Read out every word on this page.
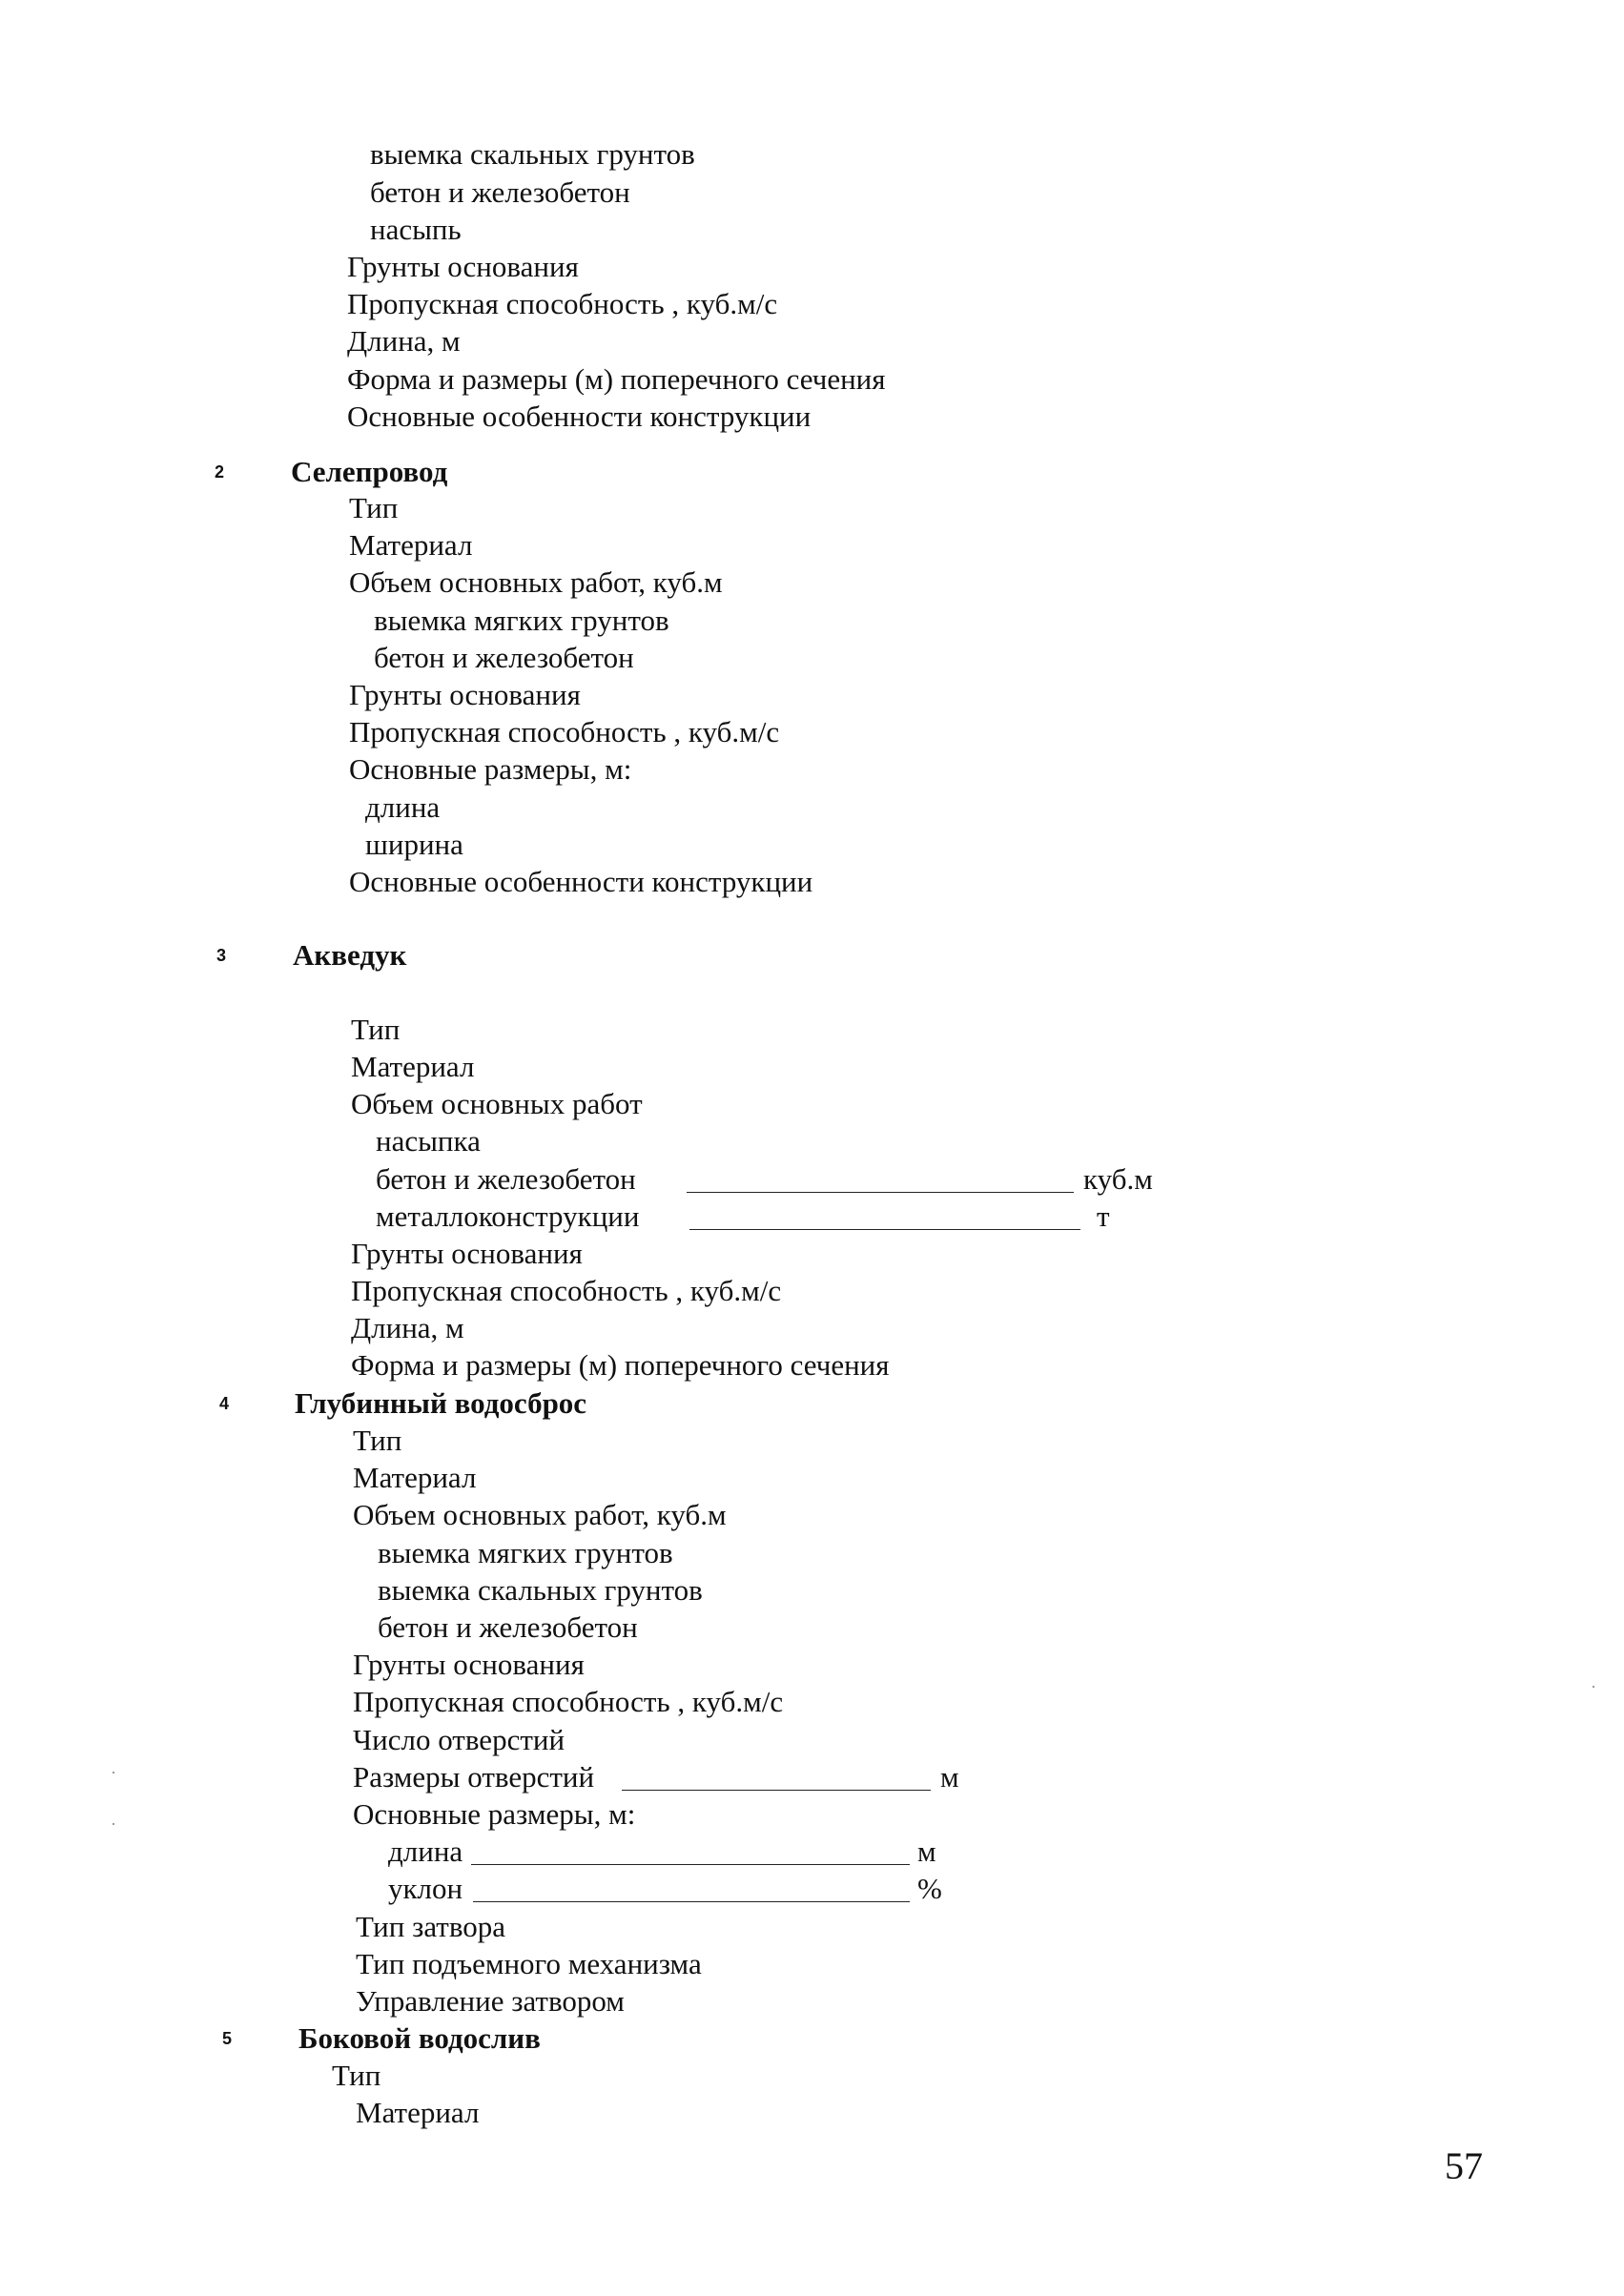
выемка скальных грунтов
бетон и железобетон
насыпь
Грунты основания
Пропускная способность , куб.м/с
Длина, м
Форма и размеры (м) поперечного сечения
Основные особенности конструкции
2 Селепровод
Тип
Материал
Объем основных работ, куб.м
выемка мягких грунтов
бетон и железобетон
Грунты основания
Пропускная способность , куб.м/с
Основные размеры, м:
длина
ширина
Основные особенности конструкции
3 Акведук
Тип
Материал
Объем основных работ
насыпка
бетон и железобетон	куб.м
металлоконструкции	т
Грунты основания
Пропускная способность , куб.м/с
Длина, м
Форма и размеры (м) поперечного сечения
4 Глубинный водосброс
Тип
Материал
Объем основных работ, куб.м
выемка мягких грунтов
выемка скальных грунтов
бетон и железобетон
Грунты основания
Пропускная способность , куб.м/с
Число отверстий
Размеры отверстий	м
Основные размеры, м:
длина	м
уклон	%
Тип затвора
Тип подъемного механизма
Управление затвором
5 Боковой водослив
Тип
Материал
57
